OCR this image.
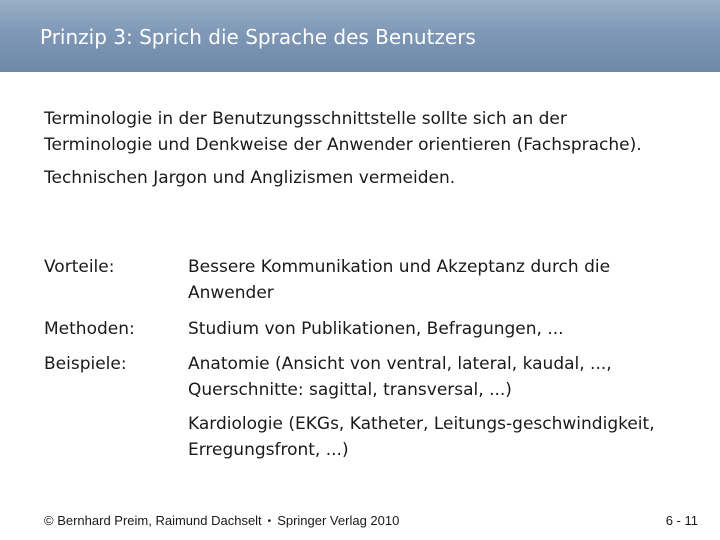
Prinzip 3: Sprich die Sprache des Benutzers

Terminologie in der Benutzungsschnittstelle sollte sich an der Terminologie und Denkweise der Anwender orientieren (Fachsprache).

Technischen Jargon und Anglizismen vermeiden.

Vorteile:	Bessere Kommunikation und Akzeptanz durch die Anwender

Methoden:	Studium von Publikationen, Befragungen, ...

Beispiele:	Anatomie (Ansicht von ventral, lateral, kaudal, ..., Querschnitte: sagittal, transversal, ...)

Kardiologie (EKGs, Katheter, Leitungs-geschwindigkeit, Erregungsfront, ...)

© Bernhard Preim, Raimund Dachselt • Springer Verlag 2010	6 - 11
